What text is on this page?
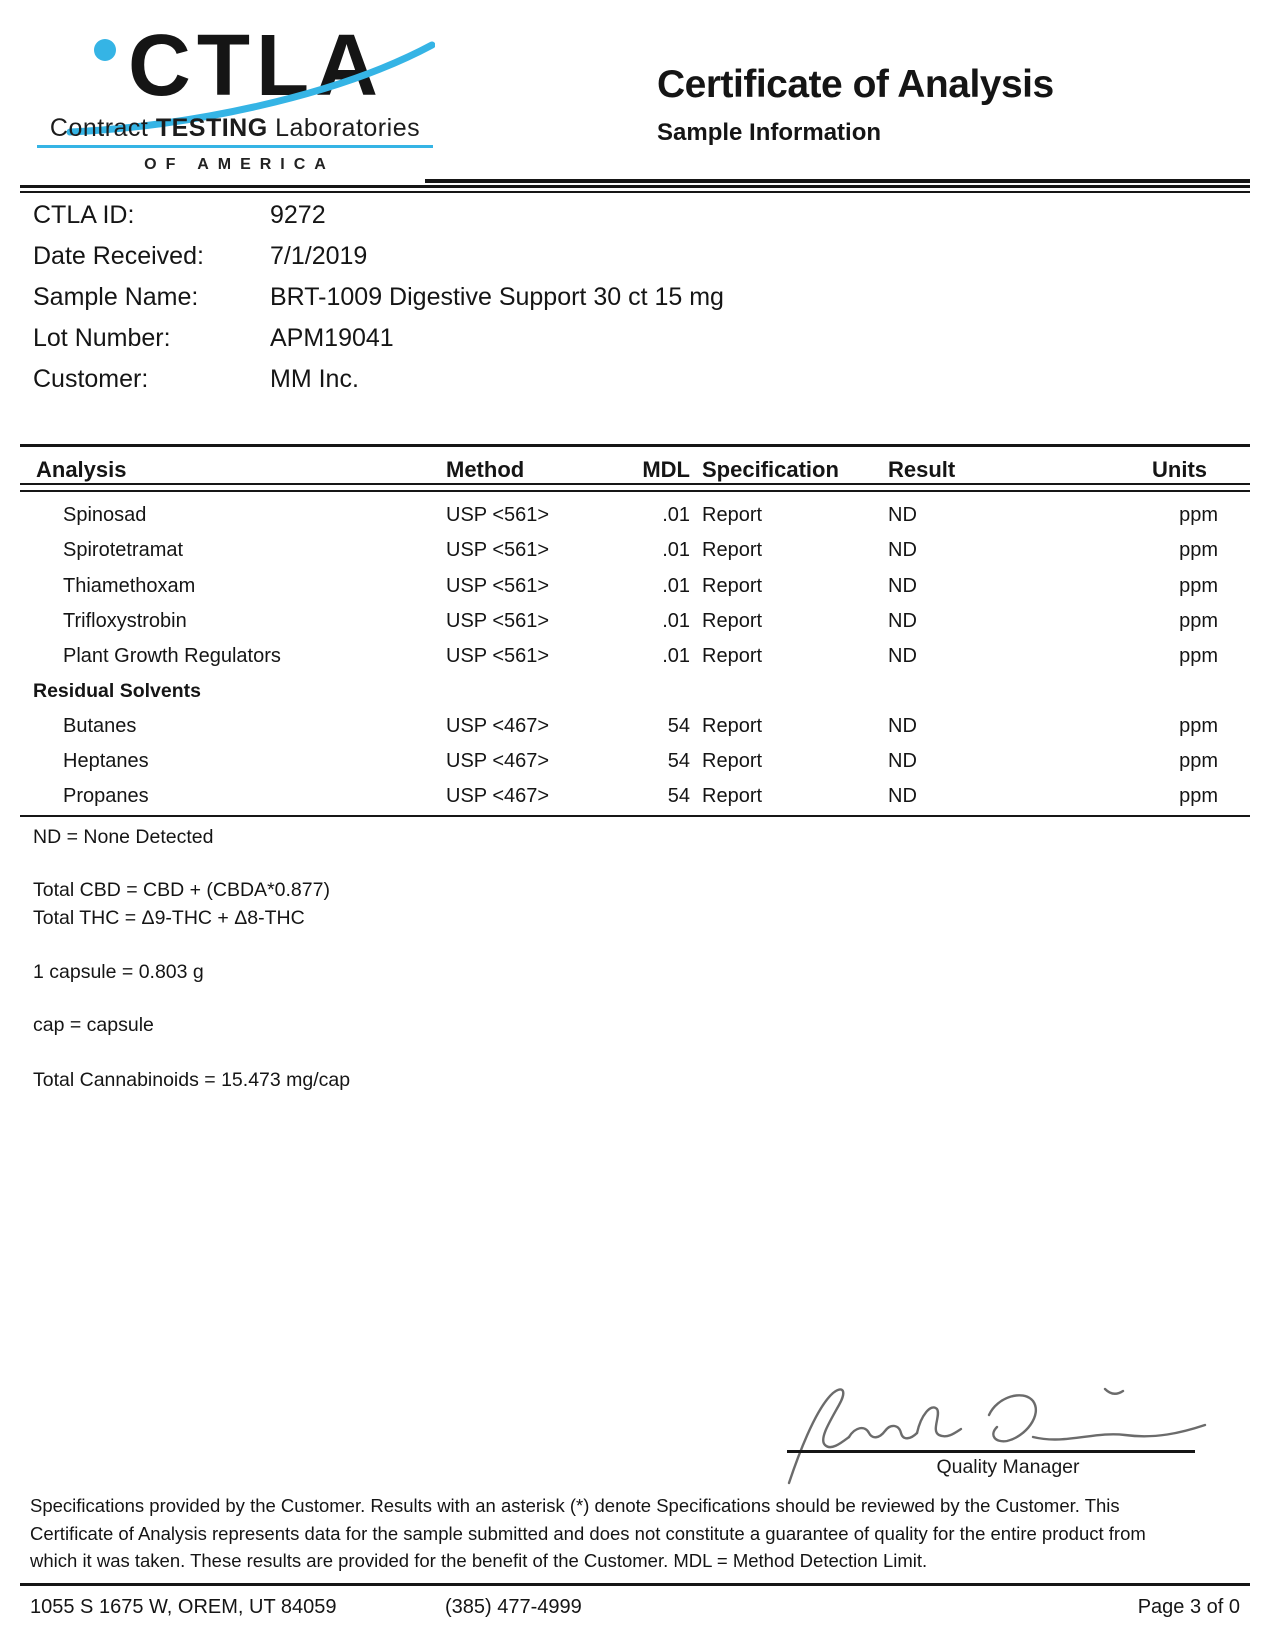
CTLA
Contract TESTING Laboratories
OF AMERICA
Certificate of Analysis
Sample Information
CTLA ID:	9272
Date Received:	7/1/2019
Sample Name:	BRT-1009 Digestive Support 30 ct 15 mg
Lot Number:	APM19041
Customer:	MM Inc.
Analysis	Method	MDL Specification Result	Units
Spinosad	USP <561>	.01 Report	ND	ppm
Spirotetramat	USP <561>	.01 Report	ND	ppm
Thiamethoxam	USP <561>	.01 Report	ND	ppm
Trifloxystrobin	USP <561>	.01 Report	ND	ppm
Plant Growth Regulators	USP <561>	.01 Report	ND	ppm
Residual Solvents
Butanes	USP <467>	54 Report	ND	ppm
Heptanes	USP <467>	54 Report	ND	ppm
Propanes	USP <467>	54 Report	ND	ppm
ND = None Detected
Total CBD = CBD + (CBDA*0.877)
Total THC = Δ9-THC + Δ8-THC
1 capsule = 0.803 g
cap = capsule
Total Cannabinoids = 15.473 mg/cap
Quality Manager

Specifications provided by the Customer. Results with an asterisk (*) denote Specifications should be reviewed by the Customer. This Certificate of Analysis represents data for the sample submitted and does not constitute a guarantee of quality for the entire product from which it was taken. These results are provided for the benefit of the Customer. MDL = Method Detection Limit.

1055 S 1675 W, OREM, UT 84059	(385) 477-4999	Page 3 of 0
